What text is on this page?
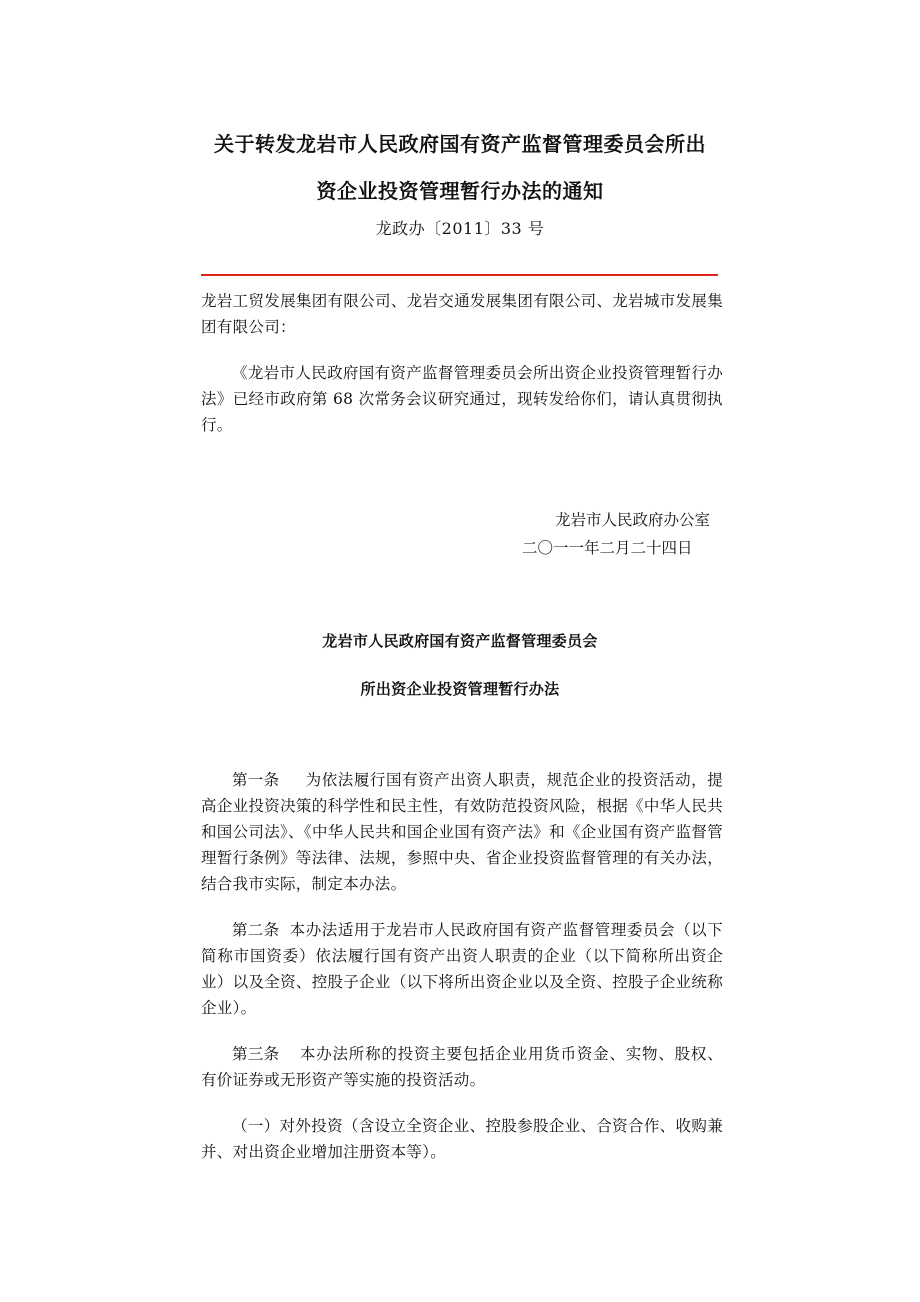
关于转发龙岩市人民政府国有资产监督管理委员会所出
资企业投资管理暂行办法的通知
龙政办〔2011〕33 号
龙岩工贸发展集团有限公司、龙岩交通发展集团有限公司、龙岩城市发展集团有限公司：
《龙岩市人民政府国有资产监督管理委员会所出资企业投资管理暂行办法》已经市政府第 68 次常务会议研究通过，现转发给你们，请认真贯彻执行。
龙岩市人民政府办公室
二〇一一年二月二十四日
龙岩市人民政府国有资产监督管理委员会
所出资企业投资管理暂行办法
第一条 为依法履行国有资产出资人职责，规范企业的投资活动，提高企业投资决策的科学性和民主性，有效防范投资风险，根据《中华人民共和国公司法》、《中华人民共和国企业国有资产法》和《企业国有资产监督管理暂行条例》等法律、法规，参照中央、省企业投资监督管理的有关办法，结合我市实际，制定本办法。
第二条 本办法适用于龙岩市人民政府国有资产监督管理委员会（以下简称市国资委）依法履行国有资产出资人职责的企业（以下简称所出资企业）以及全资、控股子企业（以下将所出资企业以及全资、控股子企业统称企业）。
第三条 本办法所称的投资主要包括企业用货币资金、实物、股权、有价证券或无形资产等实施的投资活动。
（一）对外投资（含设立全资企业、控股参股企业、合资合作、收购兼并、对出资企业增加注册资本等）。
